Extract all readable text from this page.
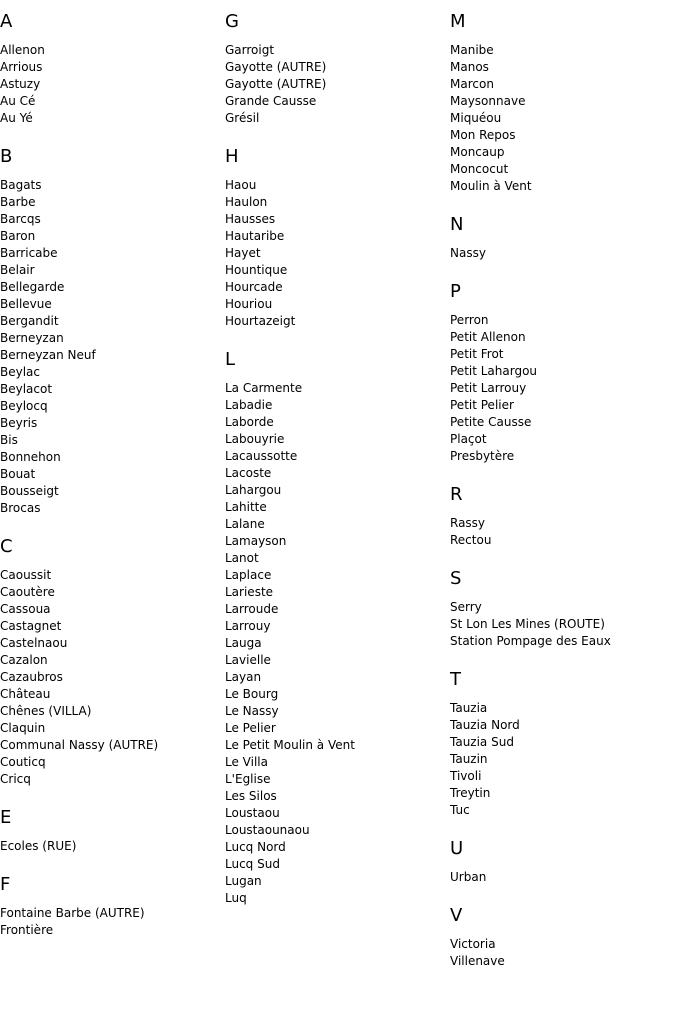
A
Allenon
Arrious
Astuzy
Au Cé
Au Yé
B
Bagats
Barbe
Barcqs
Baron
Barricabe
Belair
Bellegarde
Bellevue
Bergandit
Berneyzan
Berneyzan Neuf
Beylac
Beylacot
Beylocq
Beyris
Bis
Bonnehon
Bouat
Bousseigt
Brocas
C
Caoussit
Caoutère
Cassoua
Castagnet
Castelnaou
Cazalon
Cazaubros
Château
Chênes (VILLA)
Claquin
Communal Nassy (AUTRE)
Couticq
Cricq
E
Ecoles (RUE)
F
Fontaine Barbe (AUTRE)
Frontière
G
Garroigt
Gayotte (AUTRE)
Gayotte (AUTRE)
Grande Causse
Grésil
H
Haou
Haulon
Hausses
Hautaribe
Hayet
Hountique
Hourcade
Houriou
Hourtazeigt
L
La Carmente
Labadie
Laborde
Labouyrie
Lacaussotte
Lacoste
Lahargou
Lahitte
Lalane
Lamayson
Lanot
Laplace
Larieste
Larroude
Larrouy
Lauga
Lavielle
Layan
Le Bourg
Le Nassy
Le Pelier
Le Petit Moulin à Vent
Le Villa
L'Eglise
Les Silos
Loustaou
Loustaounaou
Lucq Nord
Lucq Sud
Lugan
Luq
M
Manibe
Manos
Marcon
Maysonnave
Miquéou
Mon Repos
Moncaup
Moncocut
Moulin à Vent
N
Nassy
P
Perron
Petit Allenon
Petit Frot
Petit Lahargou
Petit Larrouy
Petit Pelier
Petite Causse
Plaçot
Presbytère
R
Rassy
Rectou
S
Serry
St Lon Les Mines (ROUTE)
Station Pompage des Eaux
T
Tauzia
Tauzia Nord
Tauzia Sud
Tauzin
Tivoli
Treytin
Tuc
U
Urban
V
Victoria
Villenave
